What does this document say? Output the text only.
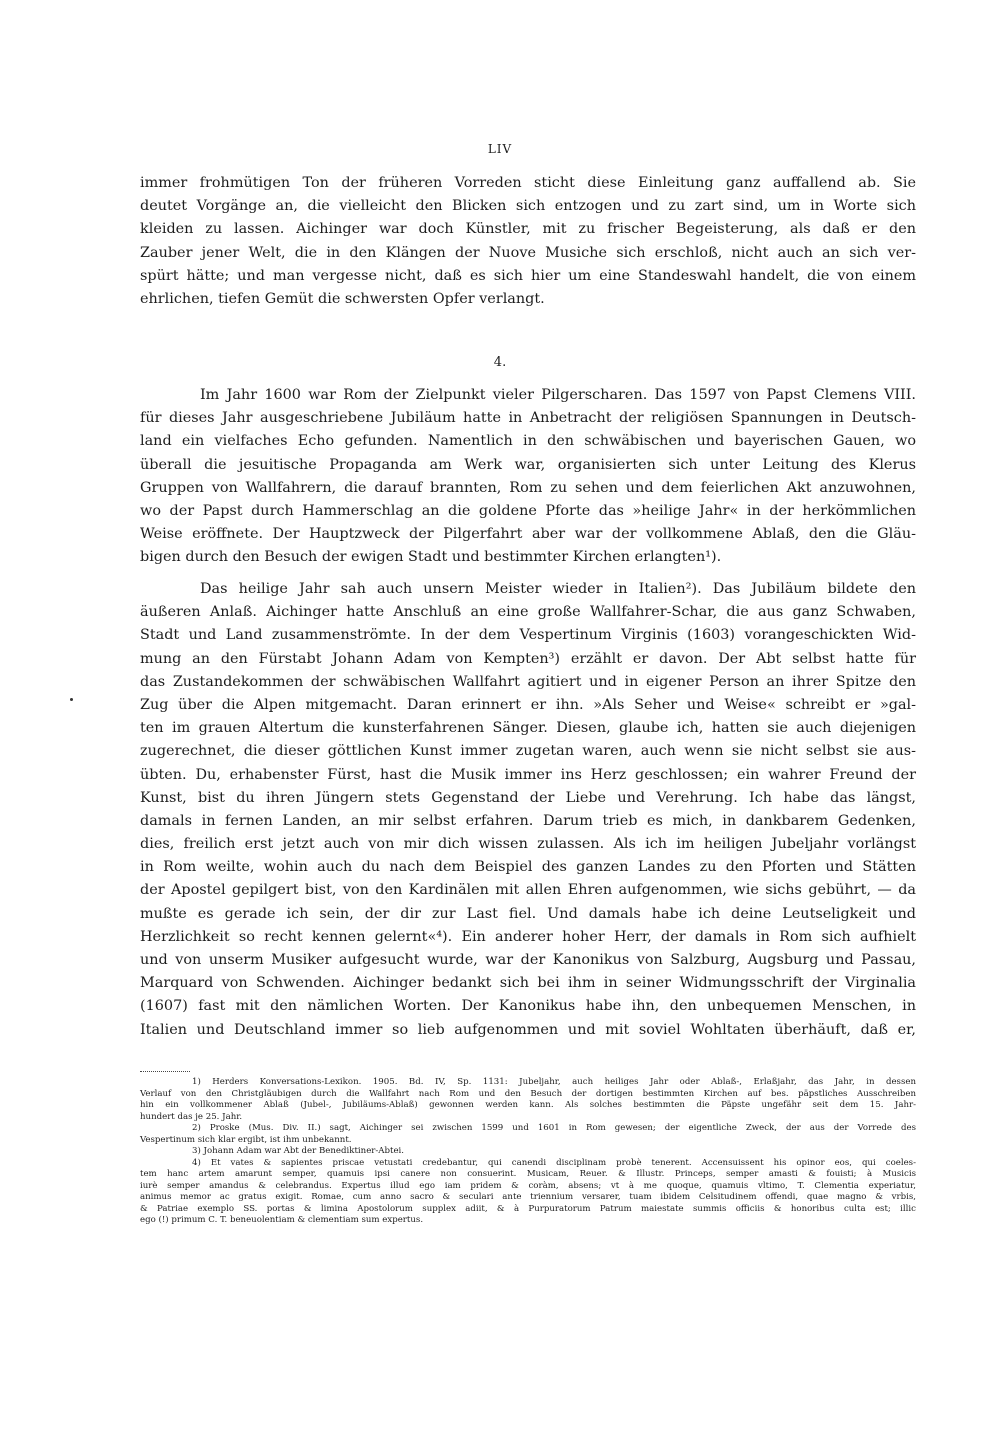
LIV
immer frohmütigen Ton der früheren Vorreden sticht diese Einleitung ganz auffallend ab. Sie
deutet Vorgänge an, die vielleicht den Blicken sich entzogen und zu zart sind, um in Worte sich
kleiden zu lassen. Aichinger war doch Künstler, mit zu frischer Begeisterung, als daß er den
Zauber jener Welt, die in den Klängen der Nuove Musiche sich erschloß, nicht auch an sich ver-
spürt hätte; und man vergesse nicht, daß es sich hier um eine Standeswahl handelt, die von einem
ehrlichen, tiefen Gemüt die schwersten Opfer verlangt.
4.
Im Jahr 1600 war Rom der Zielpunkt vieler Pilgerscharen. Das 1597 von Papst Clemens VIII.
für dieses Jahr ausgeschriebene Jubiläum hatte in Anbetracht der religiösen Spannungen in Deutsch-
land ein vielfaches Echo gefunden. Namentlich in den schwäbischen und bayerischen Gauen, wo
überall die jesuitische Propaganda am Werk war, organisierten sich unter Leitung des Klerus
Gruppen von Wallfahrern, die darauf brannten, Rom zu sehen und dem feierlichen Akt anzuwohnen,
wo der Papst durch Hammerschlag an die goldene Pforte das »heilige Jahr« in der herkömmlichen
Weise eröffnete. Der Hauptzweck der Pilgerfahrt aber war der vollkommene Ablaß, den die Gläu-
bigen durch den Besuch der ewigen Stadt und bestimmter Kirchen erlangten¹).
Das heilige Jahr sah auch unsern Meister wieder in Italien²). Das Jubiläum bildete den
äußeren Anlaß. Aichinger hatte Anschluß an eine große Wallfahrer-Schar, die aus ganz Schwaben,
Stadt und Land zusammenströmte. In der dem Vespertinum Virginis (1603) vorangeschickten Wid-
mung an den Fürstabt Johann Adam von Kempten³) erzählt er davon. Der Abt selbst hatte für
das Zustandekommen der schwäbischen Wallfahrt agitiert und in eigener Person an ihrer Spitze den
Zug über die Alpen mitgemacht. Daran erinnert er ihn. »Als Seher und Weise« schreibt er »gal-
ten im grauen Altertum die kunsterfahrenen Sänger. Diesen, glaube ich, hatten sie auch diejenigen
zugerechnet, die dieser göttlichen Kunst immer zugetan waren, auch wenn sie nicht selbst sie aus-
übten. Du, erhabenster Fürst, hast die Musik immer ins Herz geschlossen; ein wahrer Freund der
Kunst, bist du ihren Jüngern stets Gegenstand der Liebe und Verehrung. Ich habe das längst,
damals in fernen Landen, an mir selbst erfahren. Darum trieb es mich, in dankbarem Gedenken,
dies, freilich erst jetzt auch von mir dich wissen zulassen. Als ich im heiligen Jubeljahr vorlängst
in Rom weilte, wohin auch du nach dem Beispiel des ganzen Landes zu den Pforten und Stätten
der Apostel gepilgert bist, von den Kardinälen mit allen Ehren aufgenommen, wie sichs gebührt, — da
mußte es gerade ich sein, der dir zur Last fiel. Und damals habe ich deine Leutseligkeit und
Herzlichkeit so recht kennen gelernt«⁴). Ein anderer hoher Herr, der damals in Rom sich aufhielt
und von unserm Musiker aufgesucht wurde, war der Kanonikus von Salzburg, Augsburg und Passau,
Marquard von Schwenden. Aichinger bedankt sich bei ihm in seiner Widmungsschrift der Virginalia
(1607) fast mit den nämlichen Worten. Der Kanonikus habe ihn, den unbequemen Menschen, in
Italien und Deutschland immer so lieb aufgenommen und mit soviel Wohltaten überhäuft, daß er,
1) Herders Konversations-Lexikon. 1905. Bd. IV, Sp. 1131: Jubeljahr, auch heiliges Jahr oder Ablaß-, Erlaßjahr, das Jahr, in dessen
Verlauf von den Christgläubigen durch die Wallfahrt nach Rom und den Besuch der dortigen bestimmten Kirchen auf bes. päpstliches Ausschreiben
hin ein vollkommener Ablaß (Jubel-, Jubiläums-Ablaß) gewonnen werden kann. Als solches bestimmten die Päpste ungefähr seit dem 15. Jahr-
hundert das je 25. Jahr.
2) Proske (Mus. Div. II.) sagt, Aichinger sei zwischen 1599 und 1601 in Rom gewesen; der eigentliche Zweck, der aus der Vorrede des
Vespertinum sich klar ergibt, ist ihm unbekannt.
3) Johann Adam war Abt der Benediktiner-Abtei.
4) Et vates & sapientes priscae vetustati credebantur, qui canendi disciplinam probè tenerent. Accensuissent his opinor eos, qui coeles-
tem hanc artem amarunt semper, quamuis ipsi canere non consuerint. Musicam, Reuer. & Illustr. Princeps, semper amasti & fouisti; à Musicis
iurè semper amandus & celebrandus. Expertus illud ego iam pridem & coràm, absens; vt à me quoque, quamuis vltimo, T. Clementia experiatur,
animus memor ac gratus exigit. Romae, cum anno sacro & seculari ante triennium versarer, tuam ibidem Celsitudinem offendi, quae magno & vrbis,
& Patriae exemplo SS. portas & limina Apostolorum supplex adiit, & à Purpuratorum Patrum maiestate summis officiis & honoribus culta est; illic
ego (!) primum C. T. beneuolentiam & clementiam sum expertus.
